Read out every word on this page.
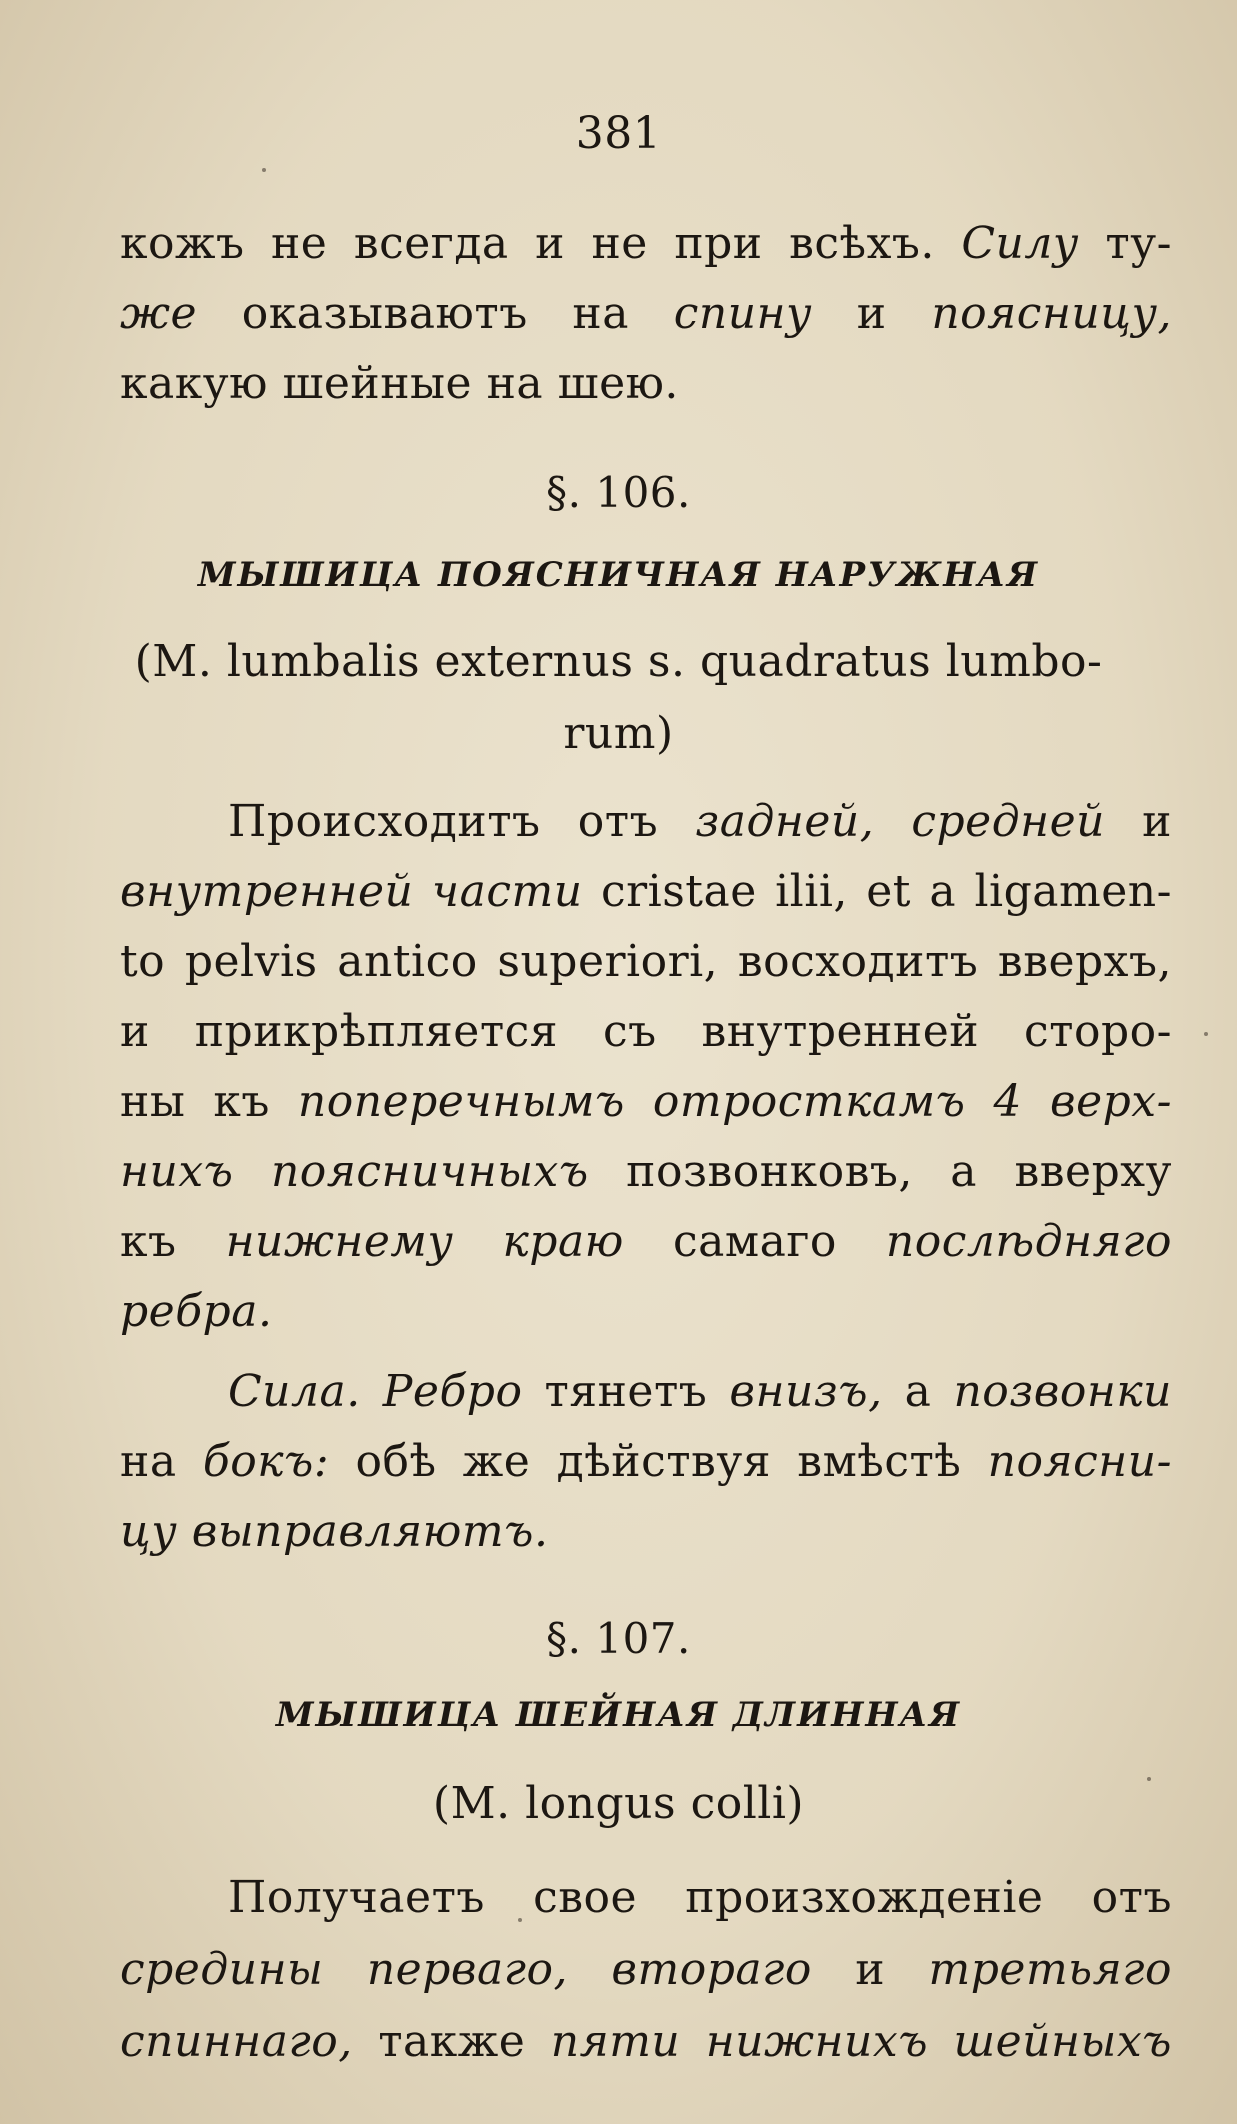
381
кожъ не всегда и не при всѣхъ. Силу ту-
же оказываютъ на спину и поясницу,
какую шейные на шею.
§. 106.
МЫШИЦА ПОЯСНИЧНАЯ НАРУЖНАЯ
(M. lumbalis externus s. quadratus lumbo-
rum)
Происходитъ отъ задней, средней и
внутренней части cristae ilii, et a ligamen-
to pelvis antico superiori, восходитъ вверхъ,
и прикрѣпляется съ внутренней сторо-
ны къ поперечнымъ отросткамъ 4 верх-
нихъ поясничныхъ позвонковъ, а вверху
къ нижнему краю самаго послѣдняго
ребра.
Сила. Ребро тянетъ внизъ, а позвонки
на бокъ: обѣ же дѣйствуя вмѣстѣ поясни-
цу выправляютъ.
§. 107.
МЫШИЦА ШЕЙНАЯ ДЛИННАЯ
(M. longus colli)
Получаетъ свое произхожденіе отъ
средины перваго, втораго и третьяго
спиннаго, также пяти нижнихъ шейныхъ
